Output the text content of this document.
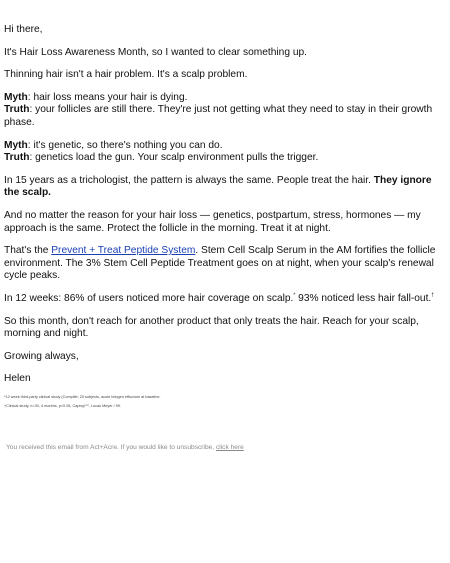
Hi there,

It's Hair Loss Awareness Month, so I wanted to clear something up.

Thinning hair isn't a hair problem. It's a scalp problem.

Myth: hair loss means your hair is dying.
Truth: your follicles are still there. They're just not getting what they need to stay in their growth phase.

Myth: it's genetic, so there's nothing you can do.
Truth: genetics load the gun. Your scalp environment pulls the trigger.

In 15 years as a trichologist, the pattern is always the same. People treat the hair. They ignore the scalp.

And no matter the reason for your hair loss — genetics, postpartum, stress, hormones — my approach is the same. Protect the follicle in the morning. Treat it at night.

That's the Prevent + Treat Peptide System. Stem Cell Scalp Serum in the AM fortifies the follicle environment. The 3% Stem Cell Peptide Treatment goes on at night, when your scalp's renewal cycle peaks.

In 12 weeks: 86% of users noticed more hair coverage on scalp.* 93% noticed less hair fall-out.†

So this month, don't reach for another product that only treats the hair. Reach for your scalp, morning and night.

Growing always,

Helen

*12 week third-party clinical study (Complife; 20 subjects, acute telogen effluvium at baseline.
†Clinical study, n=30, 4 months, p<0.05, Capixyl™, Lucas Meyer / 99.
You received this email from Act+Acre. If you would like to unsubscribe, click here
